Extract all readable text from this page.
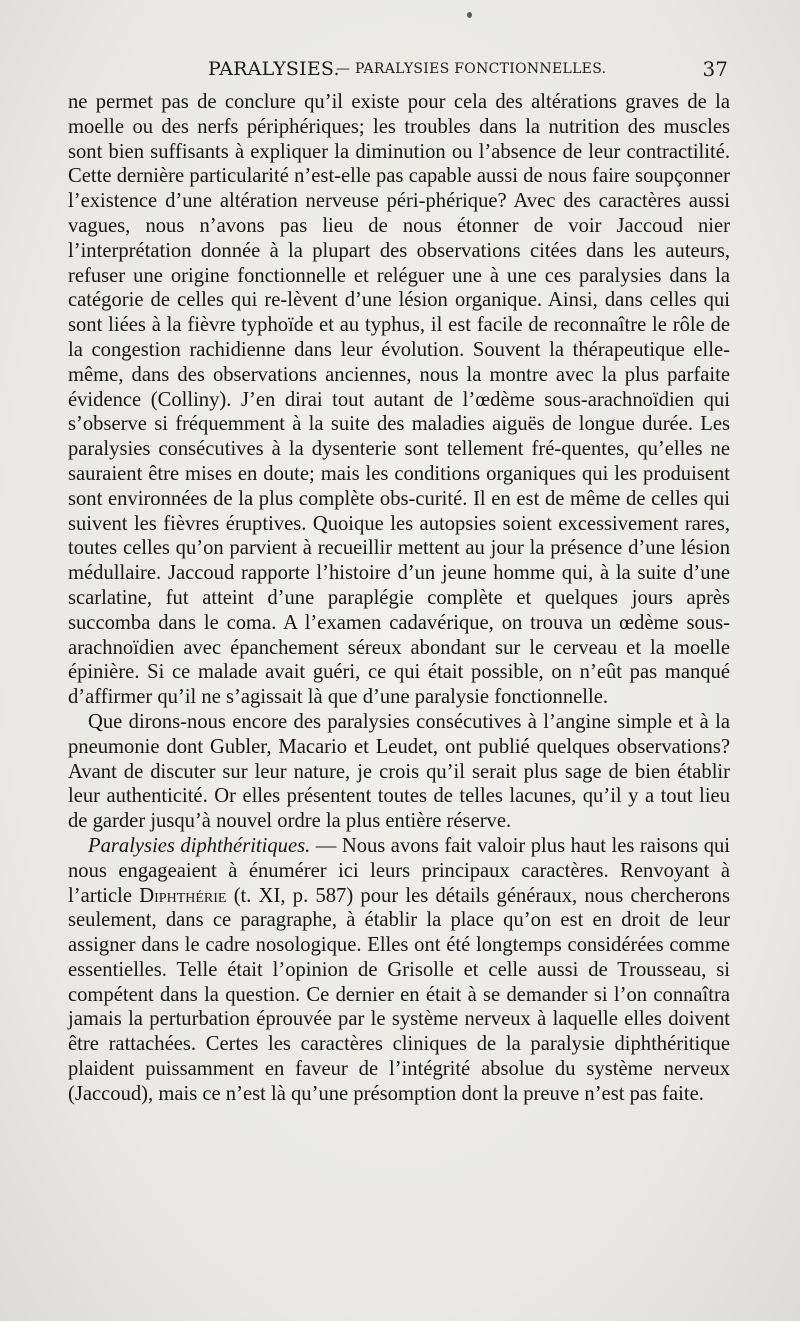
PARALYSIES.
— PARALYSIES FONCTIONNELLES.	37

ne permet pas de conclure qu’il existe pour cela des altérations graves de la moelle ou des nerfs périphériques; les troubles dans la nutrition des muscles sont bien suffisants à expliquer la diminution ou l’absence de leur contractilité. Cette dernière particularité n’est-elle pas capable aussi de nous faire soupçonner l’existence d’une altération nerveuse péri-phérique? Avec des caractères aussi vagues, nous n’avons pas lieu de nous étonner de voir Jaccoud nier l’interprétation donnée à la plupart des observations citées dans les auteurs, refuser une origine fonctionnelle et reléguer une à une ces paralysies dans la catégorie de celles qui re-lèvent d’une lésion organique. Ainsi, dans celles qui sont liées à la fièvre typhoïde et au typhus, il est facile de reconnaître le rôle de la congestion rachidienne dans leur évolution. Souvent la thérapeutique elle-même, dans des observations anciennes, nous la montre avec la plus parfaite évidence (Colliny). J’en dirai tout autant de l’œdème sous-arachnoïdien qui s’observe si fréquemment à la suite des maladies aiguës de longue durée. Les paralysies consécutives à la dysenterie sont tellement fré-quentes, qu’elles ne sauraient être mises en doute; mais les conditions organiques qui les produisent sont environnées de la plus complète obs-curité. Il en est de même de celles qui suivent les fièvres éruptives. Quoique les autopsies soient excessivement rares, toutes celles qu’on parvient à recueillir mettent au jour la présence d’une lésion médullaire. Jaccoud rapporte l’histoire d’un jeune homme qui, à la suite d’une scarlatine, fut atteint d’une paraplégie complète et quelques jours après succomba dans le coma. A l’examen cadavérique, on trouva un œdème sous-arachnoïdien avec épanchement séreux abondant sur le cerveau et la moelle épinière. Si ce malade avait guéri, ce qui était possible, on n’eût pas manqué d’affirmer qu’il ne s’agissait là que d’une paralysie fonctionnelle.

Que dirons-nous encore des paralysies consécutives à l’angine simple et à la pneumonie dont Gubler, Macario et Leudet, ont publié quelques observations? Avant de discuter sur leur nature, je crois qu’il serait plus sage de bien établir leur authenticité. Or elles présentent toutes de telles lacunes, qu’il y a tout lieu de garder jusqu’à nouvel ordre la plus entière réserve.

Paralysies diphthéritiques. — Nous avons fait valoir plus haut les raisons qui nous engageaient à énumérer ici leurs principaux caractères. Renvoyant à l’article Diphthérie (t. XI, p. 587) pour les détails généraux, nous chercherons seulement, dans ce paragraphe, à établir la place qu’on est en droit de leur assigner dans le cadre nosologique. Elles ont été longtemps considérées comme essentielles. Telle était l’opinion de Grisolle et celle aussi de Trousseau, si compétent dans la question. Ce dernier en était à se demander si l’on connaîtra jamais la perturbation éprouvée par le système nerveux à laquelle elles doivent être rattachées. Certes les caractères cliniques de la paralysie diphthéritique plaident puissamment en faveur de l’intégrité absolue du système nerveux (Jaccoud), mais ce n’est là qu’une présomption dont la preuve n’est pas faite.
